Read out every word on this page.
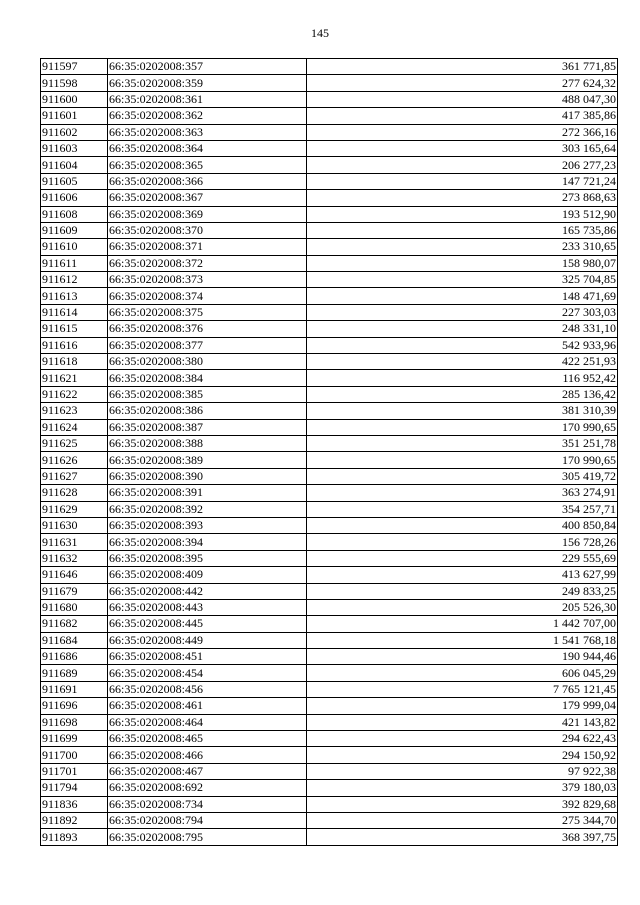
145
911597	66:35:0202008:357	361 771,85
911598	66:35:0202008:359	277 624,32
911600	66:35:0202008:361	488 047,30
911601	66:35:0202008:362	417 385,86
911602	66:35:0202008:363	272 366,16
911603	66:35:0202008:364	303 165,64
911604	66:35:0202008:365	206 277,23
911605	66:35:0202008:366	147 721,24
911606	66:35:0202008:367	273 868,63
911608	66:35:0202008:369	193 512,90
911609	66:35:0202008:370	165 735,86
911610	66:35:0202008:371	233 310,65
911611	66:35:0202008:372	158 980,07
911612	66:35:0202008:373	325 704,85
911613	66:35:0202008:374	148 471,69
911614	66:35:0202008:375	227 303,03
911615	66:35:0202008:376	248 331,10
911616	66:35:0202008:377	542 933,96
911618	66:35:0202008:380	422 251,93
911621	66:35:0202008:384	116 952,42
911622	66:35:0202008:385	285 136,42
911623	66:35:0202008:386	381 310,39
911624	66:35:0202008:387	170 990,65
911625	66:35:0202008:388	351 251,78
911626	66:35:0202008:389	170 990,65
911627	66:35:0202008:390	305 419,72
911628	66:35:0202008:391	363 274,91
911629	66:35:0202008:392	354 257,71
911630	66:35:0202008:393	400 850,84
911631	66:35:0202008:394	156 728,26
911632	66:35:0202008:395	229 555,69
911646	66:35:0202008:409	413 627,99
911679	66:35:0202008:442	249 833,25
911680	66:35:0202008:443	205 526,30
911682	66:35:0202008:445	1 442 707,00
911684	66:35:0202008:449	1 541 768,18
911686	66:35:0202008:451	190 944,46
911689	66:35:0202008:454	606 045,29
911691	66:35:0202008:456	7 765 121,45
911696	66:35:0202008:461	179 999,04
911698	66:35:0202008:464	421 143,82
911699	66:35:0202008:465	294 622,43
911700	66:35:0202008:466	294 150,92
911701	66:35:0202008:467	97 922,38
911794	66:35:0202008:692	379 180,03
911836	66:35:0202008:734	392 829,68
911892	66:35:0202008:794	275 344,70
911893	66:35:0202008:795	368 397,75
